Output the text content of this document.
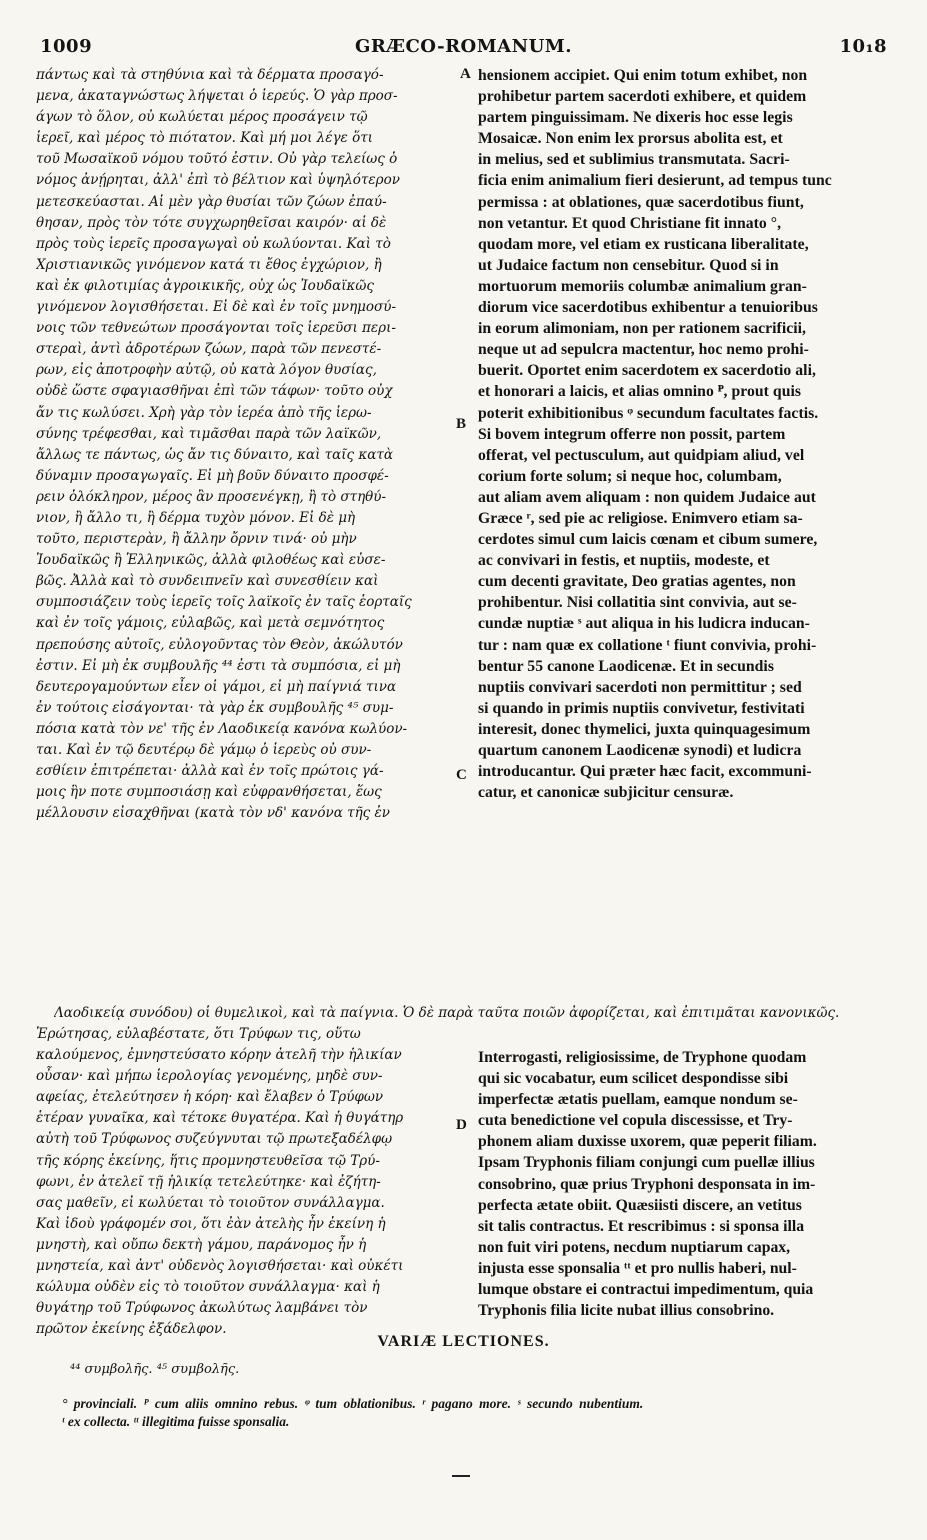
1009	GRÆCO-ROMANUM.	10₁8
πάντως καὶ τὰ στηθύνια καὶ τὰ δέρματα προσαγό-
μενα, ἀκαταγνώστως λήψεται ὁ ἱερεύς. Ὁ γὰρ προσ-
άγων τὸ ὅλον, οὐ κωλύεται μέρος προσάγειν τῷ
ἱερεῖ, καὶ μέρος τὸ πιότατον. Καὶ μή μοι λέγε ὅτι
τοῦ Μωσαϊκοῦ νόμου τοῦτό ἐστιν. Οὐ γὰρ τελείως ὁ
νόμος ἀνῄρηται, ἀλλ' ἐπὶ τὸ βέλτιον καὶ ὑψηλότερον
μετεσκεύασται. Αἱ μὲν γὰρ θυσίαι τῶν ζώων ἐπαύ-
θησαν, πρὸς τὸν τότε συγχωρηθεῖσαι καιρόν· αἱ δὲ
πρὸς τοὺς ἱερεῖς προσαγωγαὶ οὐ κωλύονται. Καὶ τὸ
Χριστιανικῶς γινόμενον κατά τι ἔθος ἐγχώριον, ἢ
καὶ ἐκ φιλοτιμίας ἀγροικικῆς, οὐχ ὡς Ἰουδαϊκῶς
γινόμενον λογισθήσεται. Εἰ δὲ καὶ ἐν τοῖς μνημοσύ-
νοις τῶν τεθνεώτων προσάγονται τοῖς ἱερεῦσι περι-
στεραὶ, ἀντὶ ἀδροτέρων ζώων, παρὰ τῶν πενεστέ-
ρων, εἰς ἀποτροφὴν αὐτῷ, οὐ κατὰ λόγον θυσίας,
οὐδὲ ὥστε σφαγιασθῆναι ἐπὶ τῶν τάφων· τοῦτο οὐχ
ἄν τις κωλύσει. Χρὴ γὰρ τὸν ἱερέα ἀπὸ τῆς ἱερω-
σύνης τρέφεσθαι, καὶ τιμᾶσθαι παρὰ τῶν λαϊκῶν,
ἄλλως τε πάντως, ὡς ἄν τις δύναιτο, καὶ ταῖς κατὰ
δύναμιν προσαγωγαῖς. Εἰ μὴ βοῦν δύναιτο προσφέ-
ρειν ὁλόκληρον, μέρος ἂν προσενέγκῃ, ἢ τὸ στηθύ-
νιον, ἢ ἄλλο τι, ἢ δέρμα τυχὸν μόνον. Εἰ δὲ μὴ
τοῦτο, περιστερὰν, ἢ ἄλλην ὄρνιν τινά· οὐ μὴν
Ἰουδαϊκῶς ἢ Ἑλληνικῶς, ἀλλὰ φιλοθέως καὶ εὐσε-
βῶς. Ἀλλὰ καὶ τὸ συνδειπνεῖν καὶ συνεσθίειν καὶ
συμποσιάζειν τοὺς ἱερεῖς τοῖς λαϊκοῖς ἐν ταῖς ἑορταῖς
καὶ ἐν τοῖς γάμοις, εὐλαβῶς, καὶ μετὰ σεμνότητος
πρεπούσης αὐτοῖς, εὐλογοῦντας τὸν Θεὸν, ἀκώλυτόν
ἐστιν. Εἰ μὴ ἐκ συμβουλῆς ⁴⁴ ἐστι τὰ συμπόσια, εἰ μὴ
δευτερογαμούντων εἶεν οἱ γάμοι, εἰ μὴ παίγνιά τινα
ἐν τούτοις εἰσάγονται· τὰ γὰρ ἐκ συμβουλῆς ⁴⁵ συμ-
πόσια κατὰ τὸν νε' τῆς ἐν Λαοδικείᾳ κανόνα κωλύον-
ται. Καὶ ἐν τῷ δευτέρῳ δὲ γάμῳ ὁ ἱερεὺς οὐ συν-
εσθίειν ἐπιτρέπεται· ἀλλὰ καὶ ἐν τοῖς πρώτοις γά-
μοις ἣν ποτε συμποσιάσῃ καὶ εὐφρανθήσεται, ἕως
μέλλουσιν εἰσαχθῆναι (κατὰ τὸν νδ' κανόνα τῆς ἐν
hensionem accipiet. Qui enim totum exhibet, non
prohibetur partem sacerdoti exhibere, et quidem
partem pinguissimam. Ne dixeris hoc esse legis
Mosaicæ. Non enim lex prorsus abolita est, et
in melius, sed et sublimius transmutata. Sacri-
ficia enim animalium fieri desierunt, ad tempus tunc
permissa : at oblationes, quæ sacerdotibus fiunt,
non vetantur. Et quod Christiane fit innato °,
quodam more, vel etiam ex rusticana liberalitate,
ut Judaice factum non censebitur. Quod si in
mortuorum memoriis columbæ animalium gran-
diorum vice sacerdotibus exhibentur a tenuioribus
in eorum alimoniam, non per rationem sacrificii,
neque ut ad sepulcra mactentur, hoc nemo prohi-
buerit. Oportet enim sacerdotem ex sacerdotio ali,
et honorari a laicis, et alias omnino ᴾ, prout quis
poterit exhibitionibus ᵠ secundum facultates factis.
Si bovem integrum offerre non possit, partem
offerat, vel pectusculum, aut quidpiam aliud, vel
corium forte solum; si neque hoc, columbam,
aut aliam avem aliquam : non quidem Judaice aut
Græce ʳ, sed pie ac religiose. Enimvero etiam sa-
cerdotes simul cum laicis cœnam et cibum sumere,
ac convivari in festis, et nuptiis, modeste, et
cum decenti gravitate, Deo gratias agentes, non
prohibentur. Nisi collatitia sint convivia, aut se-
cundæ nuptiæ ˢ aut aliqua in his ludicra inducan-
tur : nam quæ ex collatione ᵗ fiunt convivia, prohi-
bentur 55 canone Laodicenæ. Et in secundis
nuptiis convivari sacerdoti non permittitur ; sed
si quando in primis nuptiis convivetur, festivitati
interesit, donec thymelici, juxta quinquagesimum
quartum canonem Laodicenæ synodi) et ludicra
introducantur. Qui præter hæc facit, excommuni-
catur, et canonicæ subjicitur censuræ.
A
B
C
D

Λαοδικείᾳ συνόδου) οἱ θυμελικοὶ, καὶ τὰ παίγνια. Ὁ δὲ παρὰ ταῦτα ποιῶν ἀφορίζεται, καὶ ἐπιτιμᾶται κανονικῶς.

Ἐρώτησας, εὐλαβέστατε, ὅτι Τρύφων τις, οὕτω
καλούμενος, ἐμνηστεύσατο κόρην ἀτελῆ τὴν ἡλικίαν
οὖσαν· καὶ μήπω ἱερολογίας γενομένης, μηδὲ συν-
αφείας, ἐτελεύτησεν ἡ κόρη· καὶ ἔλαβεν ὁ Τρύφων
ἑτέραν γυναῖκα, καὶ τέτοκε θυγατέρα. Καὶ ἡ θυγάτηρ
αὐτὴ τοῦ Τρύφωνος συζεύγνυται τῷ πρωτεξαδέλφῳ
τῆς κόρης ἐκείνης, ἥτις προμνηστευθεῖσα τῷ Τρύ-
φωνι, ἐν ἀτελεῖ τῇ ἡλικίᾳ τετελεύτηκε· καὶ ἐζήτη-
σας μαθεῖν, εἰ κωλύεται τὸ τοιοῦτον συνάλλαγμα.
Καὶ ἰδοὺ γράφομέν σοι, ὅτι ἐὰν ἀτελὴς ἦν ἐκείνη ἡ
μνηστὴ, καὶ οὔπω δεκτὴ γάμου, παράνομος ἦν ἡ
μνηστεία, καὶ ἀντ' οὐδενὸς λογισθήσεται· καὶ οὐκέτι
κώλυμα οὐδὲν εἰς τὸ τοιοῦτον συνάλλαγμα· καὶ ἡ
θυγάτηρ τοῦ Τρύφωνος ἀκωλύτως λαμβάνει τὸν
πρῶτον ἐκείνης ἐξάδελφον.
Interrogasti, religiosissime, de Tryphone quodam
qui sic vocabatur, eum scilicet despondisse sibi
imperfectæ ætatis puellam, eamque nondum se-
cuta benedictione vel copula discessisse, et Try-
phonem aliam duxisse uxorem, quæ peperit filiam.
Ipsam Tryphonis filiam conjungi cum puellæ illius
consobrino, quæ prius Tryphoni desponsata in im-
perfecta ætate obiit. Quæsiisti discere, an vetitus
sit talis contractus. Et rescribimus : si sponsa illa
non fuit viri potens, necdum nuptiarum capax,
injusta esse sponsalia ᵗᵗ et pro nullis haberi, nul-
lumque obstare ei contractui impedimentum, quia
Tryphonis filia licite nubat illius consobrino.
VARIÆ LECTIONES.

⁴⁴ συμβολῆς. ⁴⁵ συμβολῆς.

° provinciali. ᴾ cum aliis omnino rebus. ᵠ tum oblationibus. ʳ pagano more. ˢ secundo nubentium.

ᵗ ex collecta. ᵗᵗ illegitima fuisse sponsalia.
